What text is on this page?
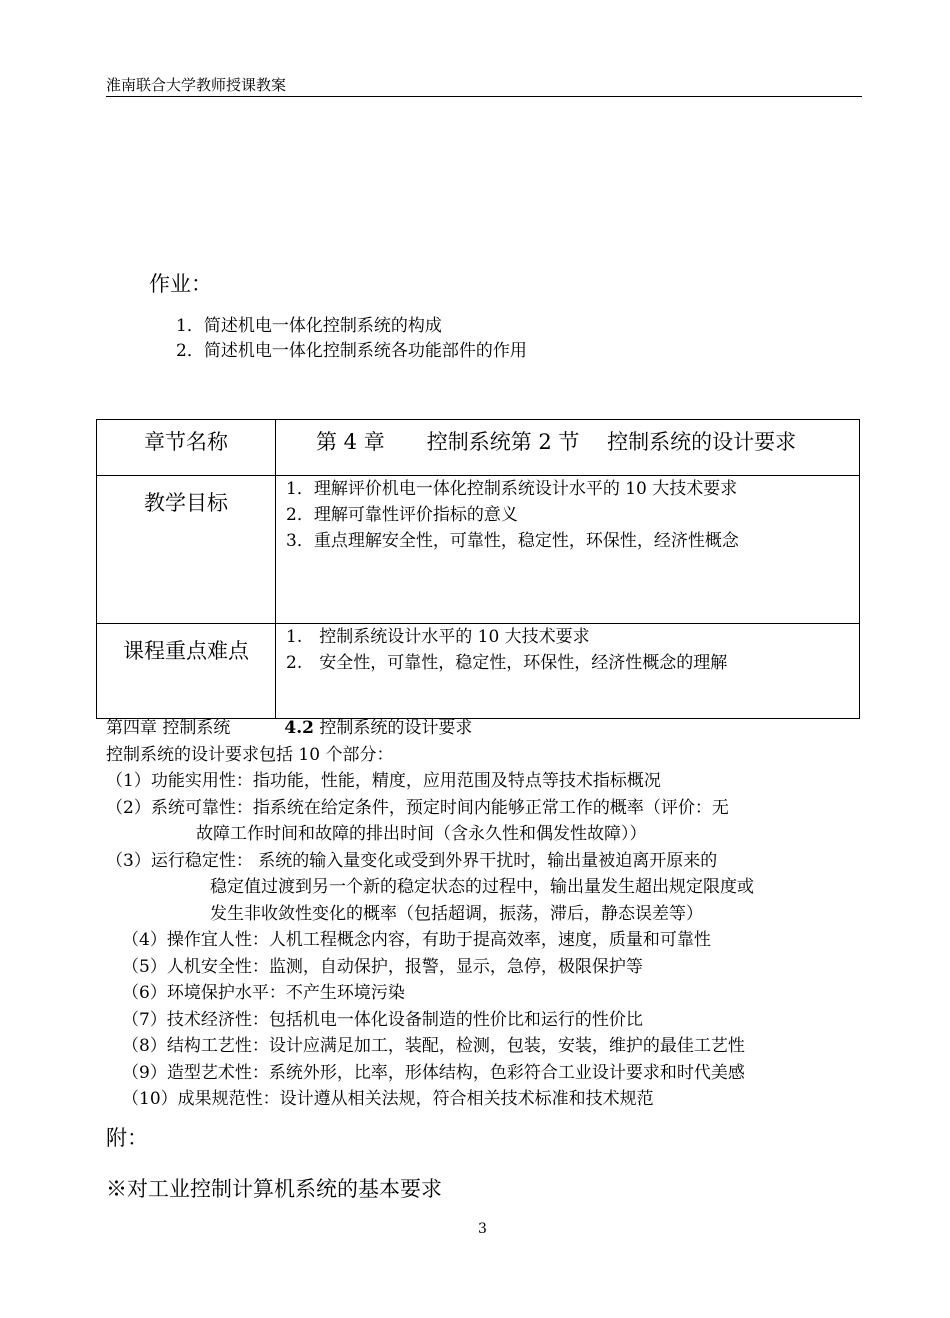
淮南联合大学教师授课教案
作业：
1．简述机电一体化控制系统的构成
2．简述机电一体化控制系统各功能部件的作用
章节名称	第 4 章　　控制系统第 2 节　 控制系统的设计要求
教学目标	1．理解评价机电一体化控制系统设计水平的 10 大技术要求
2．理解可靠性评价指标的意义
3．重点理解安全性，可靠性，稳定性，环保性，经济性概念

课程重点难点	1.　控制系统设计水平的 10 大技术要求
2.　安全性，可靠性，稳定性，环保性，经济性概念的理解
第四章 控制系统	4.2 控制系统的设计要求
控制系统的设计要求包括 10 个部分：
（1）功能实用性：指功能，性能，精度，应用范围及特点等技术指标概况
（2）系统可靠性：指系统在给定条件，预定时间内能够正常工作的概率（评价：无
故障工作时间和故障的排出时间（含永久性和偶发性故障））
（3）运行稳定性： 系统的输入量变化或受到外界干扰时，输出量被迫离开原来的
稳定值过渡到另一个新的稳定状态的过程中，输出量发生超出规定限度或
发生非收敛性变化的概率（包括超调，振荡，滞后，静态误差等）
（4）操作宜人性：人机工程概念内容，有助于提高效率，速度，质量和可靠性
（5）人机安全性：监测，自动保护，报警，显示，急停，极限保护等
（6）环境保护水平：不产生环境污染
（7）技术经济性：包括机电一体化设备制造的性价比和运行的性价比
（8）结构工艺性：设计应满足加工，装配，检测，包装，安装，维护的最佳工艺性
（9）造型艺术性：系统外形，比率，形体结构，色彩符合工业设计要求和时代美感
（10）成果规范性：设计遵从相关法规，符合相关技术标准和技术规范
附：
※对工业控制计算机系统的基本要求
3
